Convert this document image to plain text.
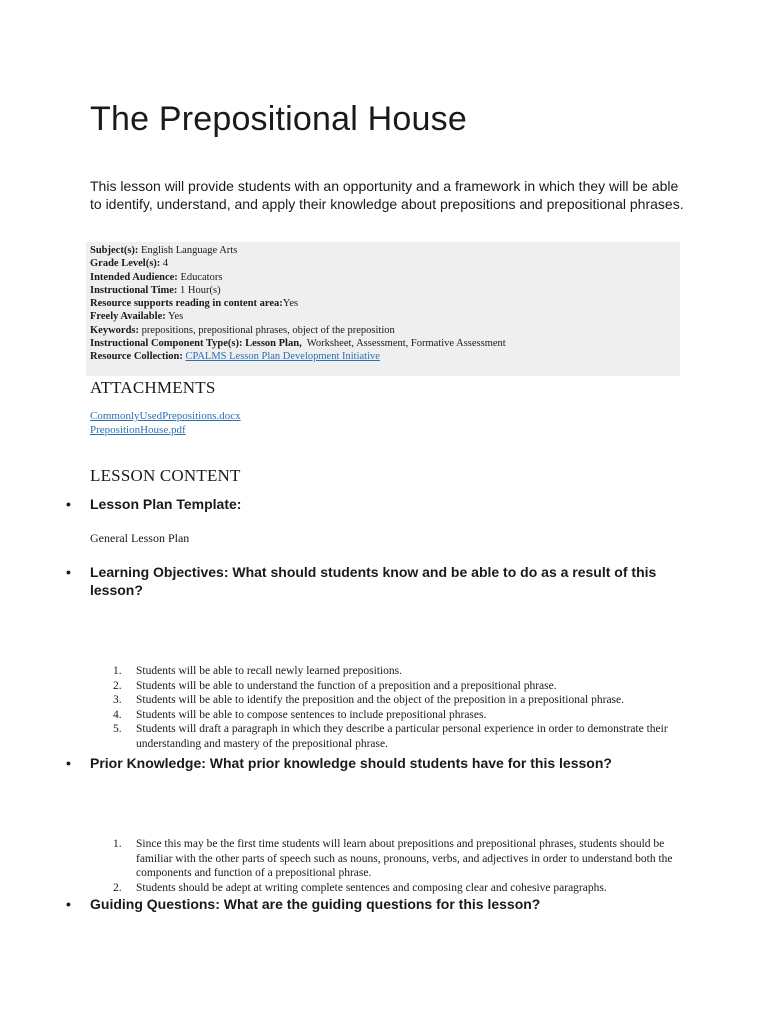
The Prepositional House

This lesson will provide students with an opportunity and a framework in which they will be able to identify, understand, and apply their knowledge about prepositions and prepositional phrases.

Subject(s): English Language Arts
Grade Level(s): 4
Intended Audience: Educators
Instructional Time: 1 Hour(s)
Resource supports reading in content area:Yes
Freely Available: Yes
Keywords: prepositions, prepositional phrases, object of the preposition
Instructional Component Type(s): Lesson Plan, Worksheet, Assessment, Formative Assessment
Resource Collection: CPALMS Lesson Plan Development Initiative
ATTACHMENTS
CommonlyUsedPrepositions.docx
PrepositionHouse.pdf
LESSON CONTENT
• Lesson Plan Template:
General Lesson Plan
• Learning Objectives: What should students know and be able to do as a result of this lesson?
1. Students will be able to recall newly learned prepositions.
2. Students will be able to understand the function of a preposition and a prepositional phrase.
3. Students will be able to identify the preposition and the object of the preposition in a prepositional phrase.
4. Students will be able to compose sentences to include prepositional phrases.
5. Students will draft a paragraph in which they describe a particular personal experience in order to demonstrate their understanding and mastery of the prepositional phrase.
• Prior Knowledge: What prior knowledge should students have for this lesson?
1. Since this may be the first time students will learn about prepositions and prepositional phrases, students should be familiar with the other parts of speech such as nouns, pronouns, verbs, and adjectives in order to understand both the components and function of a prepositional phrase.
2. Students should be adept at writing complete sentences and composing clear and cohesive paragraphs.
• Guiding Questions: What are the guiding questions for this lesson?
